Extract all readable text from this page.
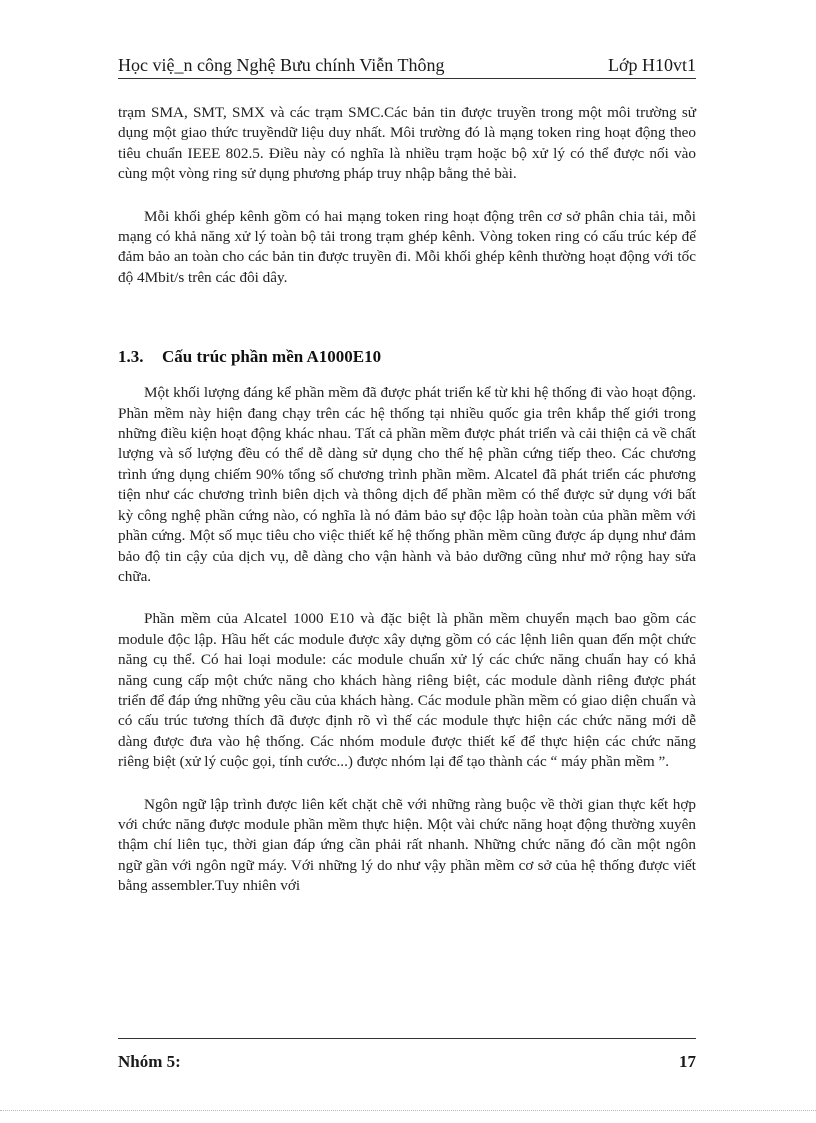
Học việ_n công Nghệ Bưu chính Viễn Thông	Lớp H10vt1

trạm SMA, SMT, SMX và các trạm SMC.Các bản tin được truyền trong một môi trường sử dụng một giao thức truyềndữ liệu duy nhất. Môi trường đó là mạng token ring hoạt động theo tiêu chuẩn IEEE 802.5. Điều này có nghĩa là nhiều trạm hoặc bộ xử lý có thể được nối vào cùng một vòng ring sử dụng phương pháp truy nhập bằng thẻ bài.

Mỗi khối ghép kênh gồm có hai mạng token ring hoạt động trên cơ sở phân chia tải, mỗi mạng có khả năng xử lý toàn bộ tải trong trạm ghép kênh. Vòng token ring có cấu trúc kép để đảm bảo an toàn cho các bản tin được truyền đi. Mỗi khối ghép kênh thường hoạt động với tốc độ 4Mbit/s trên các đôi dây.

1.3. Cấu trúc phần mền A1000E10

Một khối lượng đáng kể phần mềm đã được phát triển kể từ khi hệ thống đi vào hoạt động. Phần mềm này hiện đang chạy trên các hệ thống tại nhiều quốc gia trên khắp thế giới trong những điều kiện hoạt động khác nhau. Tất cả phần mềm được phát triển và cải thiện cả về chất lượng và số lượng đều có thể dễ dàng sử dụng cho thế hệ phần cứng tiếp theo. Các chương trình ứng dụng chiếm 90% tổng số chương trình phần mềm. Alcatel đã phát triển các phương tiện như các chương trình biên dịch và thông dịch để phần mềm có thể được sử dụng với bất kỳ công nghệ phần cứng nào, có nghĩa là nó đảm bảo sự độc lập hoàn toàn của phần mềm với phần cứng. Một số mục tiêu cho việc thiết kế hệ thống phần mềm cũng được áp dụng như đảm bảo độ tin cậy của dịch vụ, dễ dàng cho vận hành và bảo dưỡng cũng như mở rộng hay sửa chữa.

Phần mềm của Alcatel 1000 E10 và đặc biệt là phần mềm chuyển mạch bao gồm các module độc lập. Hầu hết các module được xây dựng gồm có các lệnh liên quan đến một chức năng cụ thể. Có hai loại module: các module chuẩn xử lý các chức năng chuẩn hay có khả năng cung cấp một chức năng cho khách hàng riêng biệt, các module dành riêng được phát triển để đáp ứng những yêu cầu của khách hàng. Các module phần mềm có giao diện chuẩn và có cấu trúc tương thích đã được định rõ vì thế các module thực hiện các chức năng mới dễ dàng được đưa vào hệ thống. Các nhóm module được thiết kế để thực hiện các chức năng riêng biệt (xử lý cuộc gọi, tính cước...) được nhóm lại để tạo thành các “ máy phần mềm ”.

Ngôn ngữ lập trình được liên kết chặt chẽ với những ràng buộc về thời gian thực kết hợp với chức năng được module phần mềm thực hiện. Một vài chức năng hoạt động thường xuyên thậm chí liên tục, thời gian đáp ứng cần phải rất nhanh. Những chức năng đó cần một ngôn ngữ gần với ngôn ngữ máy. Với những lý do như vậy phần mềm cơ sở của hệ thống được viết bằng assembler.Tuy nhiên với

Nhóm 5:	17
